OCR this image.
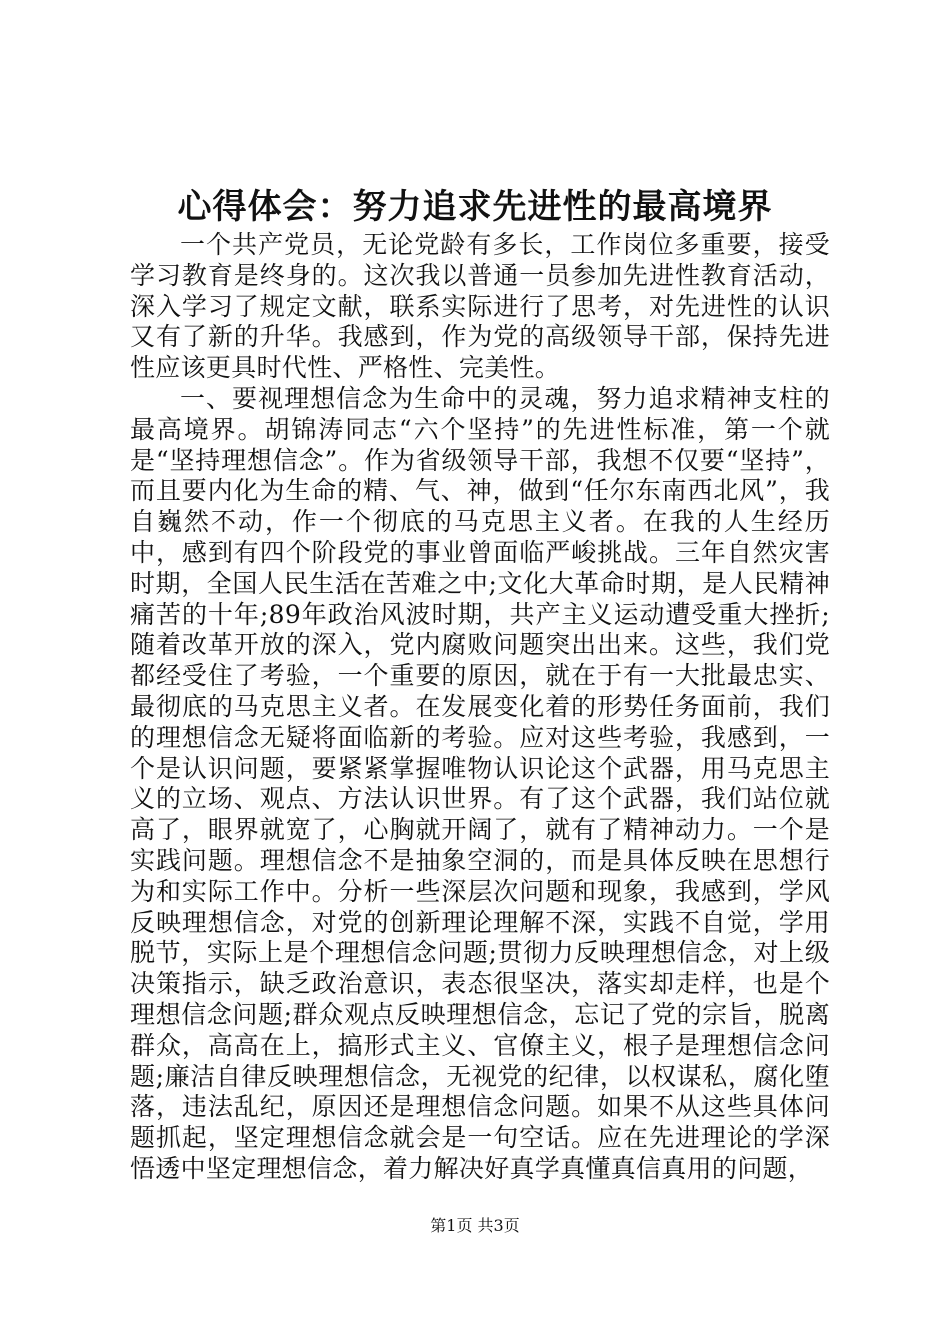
心得体会：努力追求先进性的最高境界

一个共产党员，无论党龄有多长，工作岗位多重要，接受学习教育是终身的。这次我以普通一员参加先进性教育活动，深入学习了规定文献，联系实际进行了思考，对先进性的认识又有了新的升华。我感到，作为党的高级领导干部，保持先进性应该更具时代性、严格性、完美性。

一、要视理想信念为生命中的灵魂，努力追求精神支柱的最高境界。胡锦涛同志“六个坚持”的先进性标准，第一个就是“坚持理想信念”。作为省级领导干部，我想不仅要“坚持”，而且要内化为生命的精、气、神，做到“任尔东南西北风”，我自巍然不动，作一个彻底的马克思主义者。在我的人生经历中，感到有四个阶段党的事业曾面临严峻挑战。三年自然灾害时期，全国人民生活在苦难之中;文化大革命时期，是人民精神痛苦的十年;89年政治风波时期，共产主义运动遭受重大挫折;随着改革开放的深入，党内腐败问题突出出来。这些，我们党都经受住了考验，一个重要的原因，就在于有一大批最忠实、最彻底的马克思主义者。在发展变化着的形势任务面前，我们的理想信念无疑将面临新的考验。应对这些考验，我感到，一个是认识问题，要紧紧掌握唯物认识论这个武器，用马克思主义的立场、观点、方法认识世界。有了这个武器，我们站位就高了，眼界就宽了，心胸就开阔了，就有了精神动力。一个是实践问题。理想信念不是抽象空洞的，而是具体反映在思想行为和实际工作中。分析一些深层次问题和现象，我感到，学风反映理想信念，对党的创新理论理解不深，实践不自觉，学用脱节，实际上是个理想信念问题;贯彻力反映理想信念，对上级决策指示，缺乏政治意识，表态很坚决，落实却走样，也是个理想信念问题;群众观点反映理想信念，忘记了党的宗旨，脱离群众，高高在上，搞形式主义、官僚主义，根子是理想信念问题;廉洁自律反映理想信念，无视党的纪律，以权谋私，腐化堕落，违法乱纪，原因还是理想信念问题。如果不从这些具体问题抓起，坚定理想信念就会是一句空话。应在先进理论的学深悟透中坚定理想信念，着力解决好真学真懂真信真用的问题，

第1页 共3页
